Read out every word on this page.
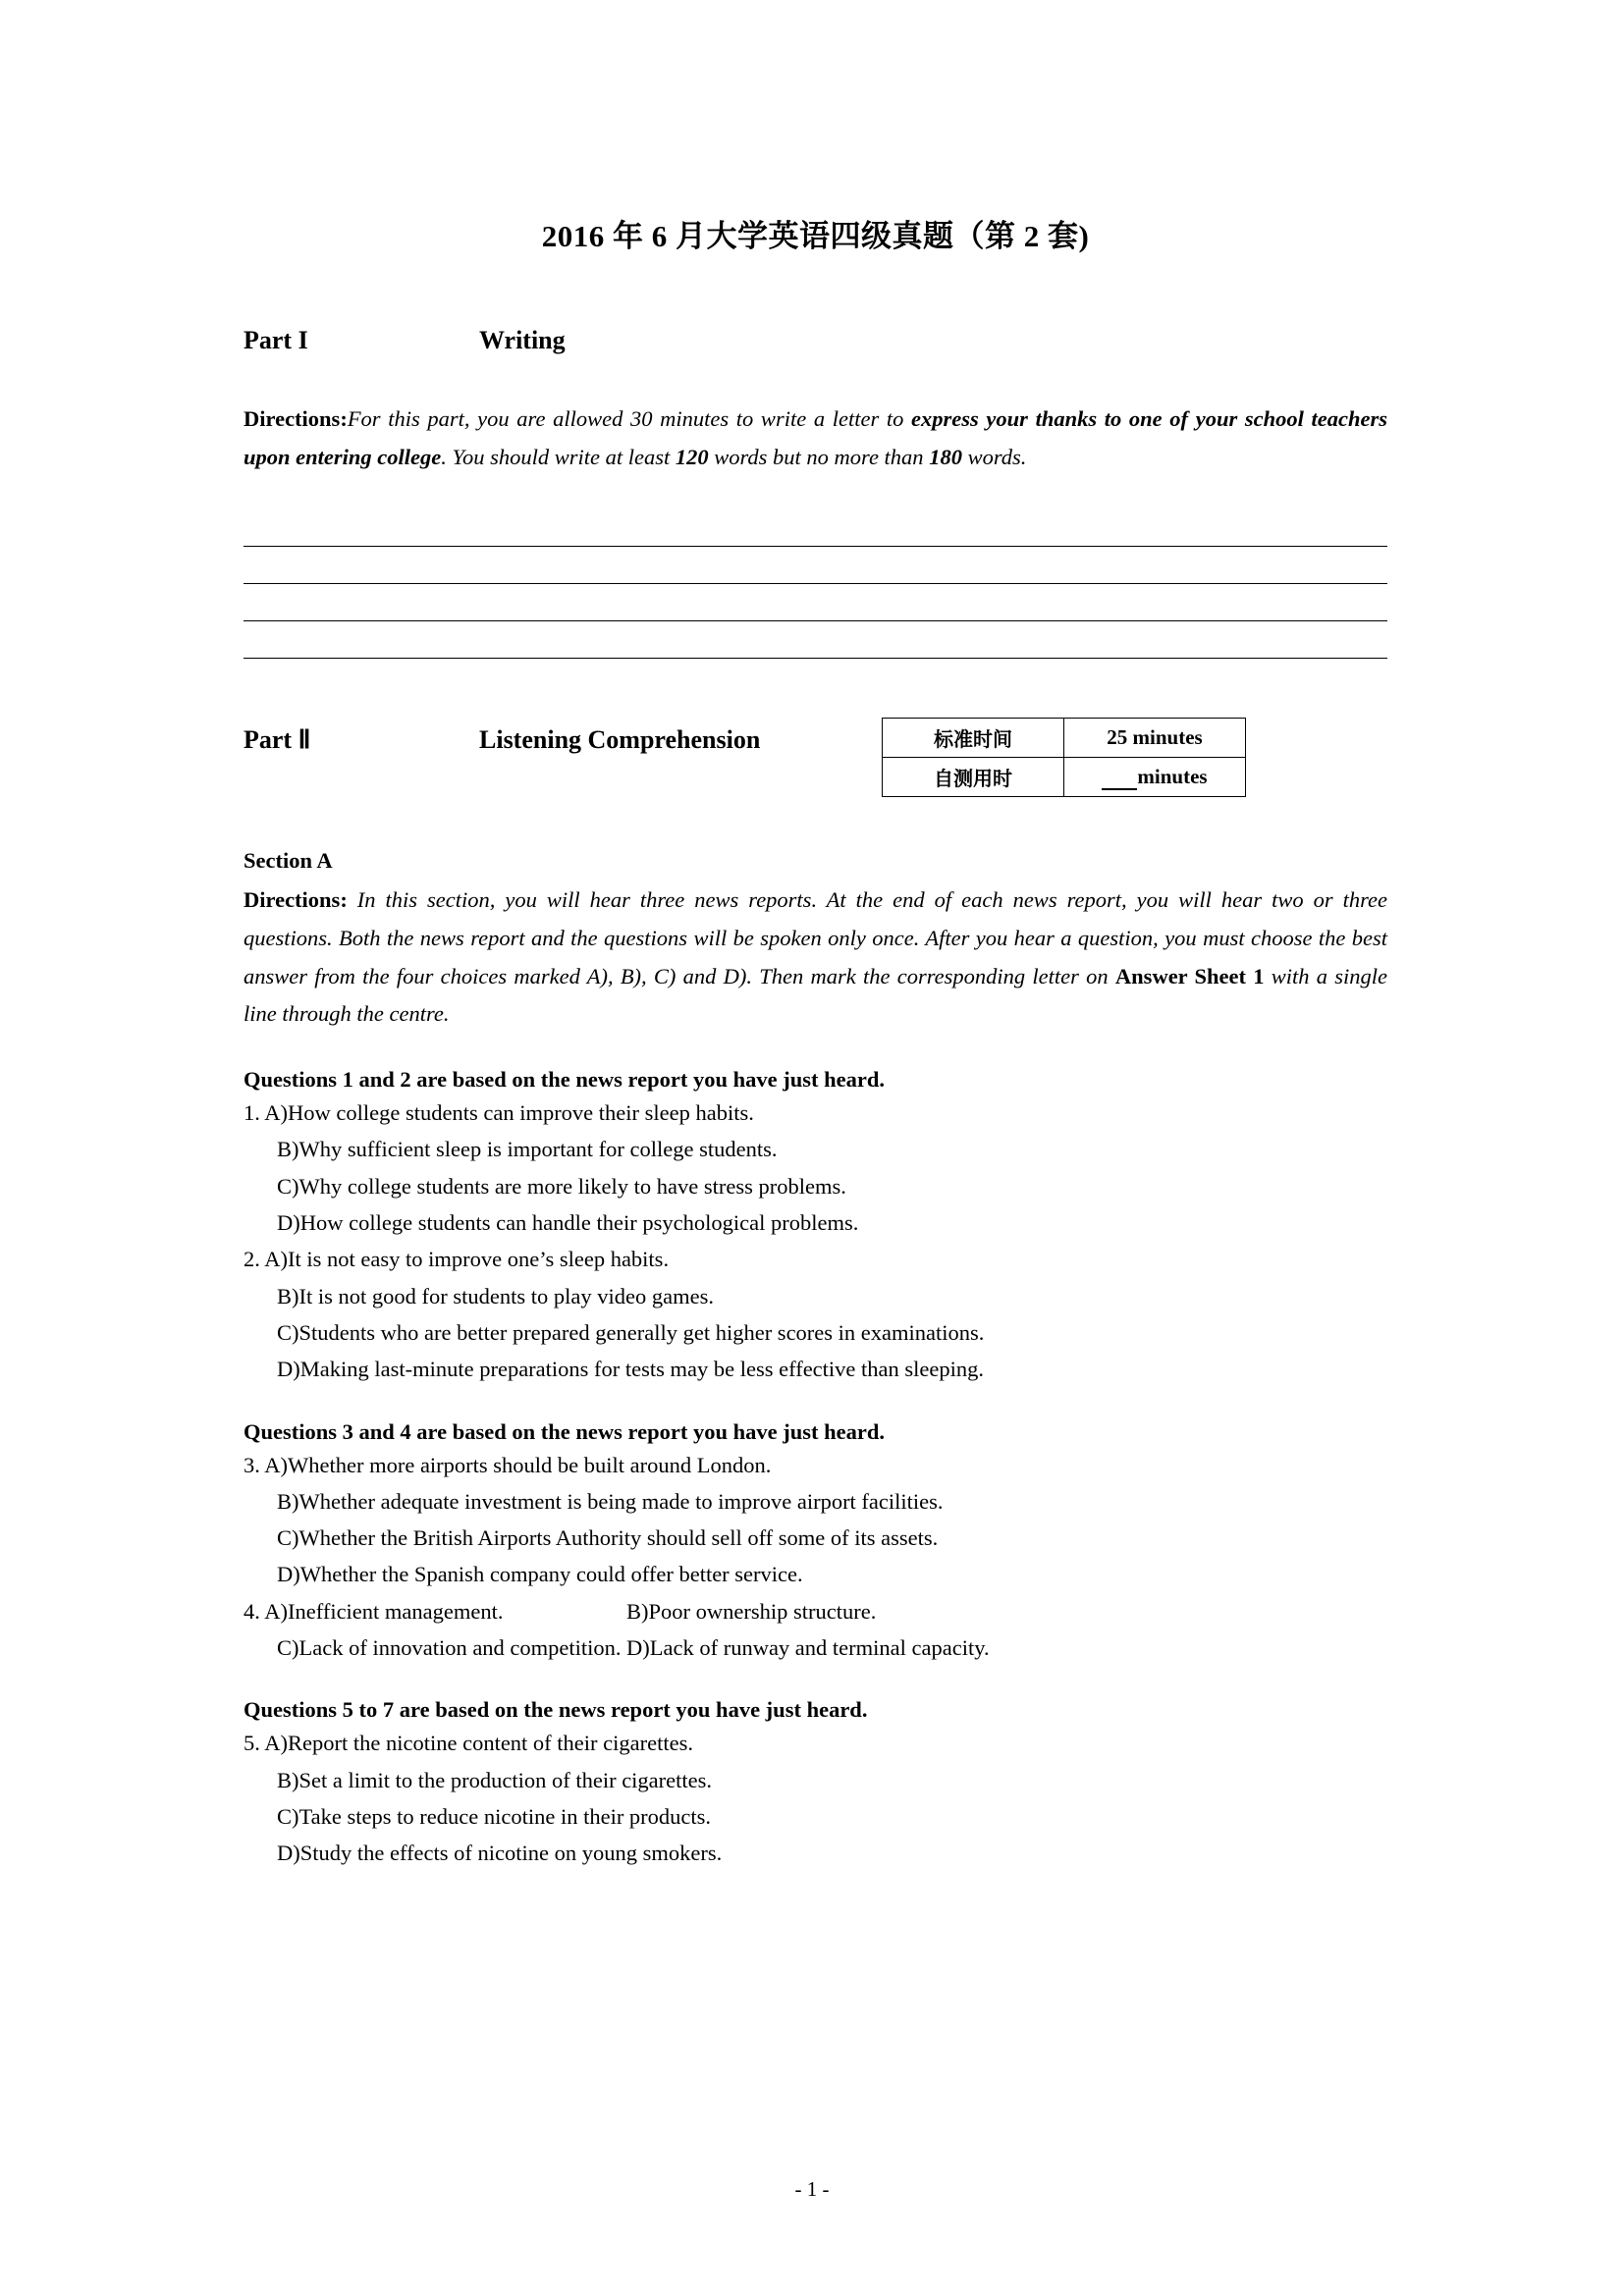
2016 年 6 月大学英语四级真题（第 2 套)
Part I	Writing
Directions:For this part, you are allowed 30 minutes to write a letter to express your thanks to one of your school teachers upon entering college. You should write at least 120 words but no more than 180 words.
Part Ⅱ	Listening Comprehension	标准时间	25 minutes
自测用时	minutes
Section A
Directions: In this section, you will hear three news reports. At the end of each news report, you will hear two or three questions. Both the news report and the questions will be spoken only once. After you hear a question, you must choose the best answer from the four choices marked A), B), C) and D). Then mark the corresponding letter on Answer Sheet 1 with a single line through the centre.
Questions 1 and 2 are based on the news report you have just heard.
1. A)How college students can improve their sleep habits.
B)Why sufficient sleep is important for college students.
C)Why college students are more likely to have stress problems.
D)How college students can handle their psychological problems.
2. A)It is not easy to improve one’s sleep habits.
B)It is not good for students to play video games.
C)Students who are better prepared generally get higher scores in examinations.
D)Making last-minute preparations for tests may be less effective than sleeping.
Questions 3 and 4 are based on the news report you have just heard.
3. A)Whether more airports should be built around London.
B)Whether adequate investment is being made to improve airport facilities.
C)Whether the British Airports Authority should sell off some of its assets.
D)Whether the Spanish company could offer better service.
4. A)Inefficient management.	B)Poor ownership structure.
C)Lack of innovation and competition. D)Lack of runway and terminal capacity.
Questions 5 to 7 are based on the news report you have just heard.
5. A)Report the nicotine content of their cigarettes.
B)Set a limit to the production of their cigarettes.
C)Take steps to reduce nicotine in their products.
D)Study the effects of nicotine on young smokers.
- 1 -
